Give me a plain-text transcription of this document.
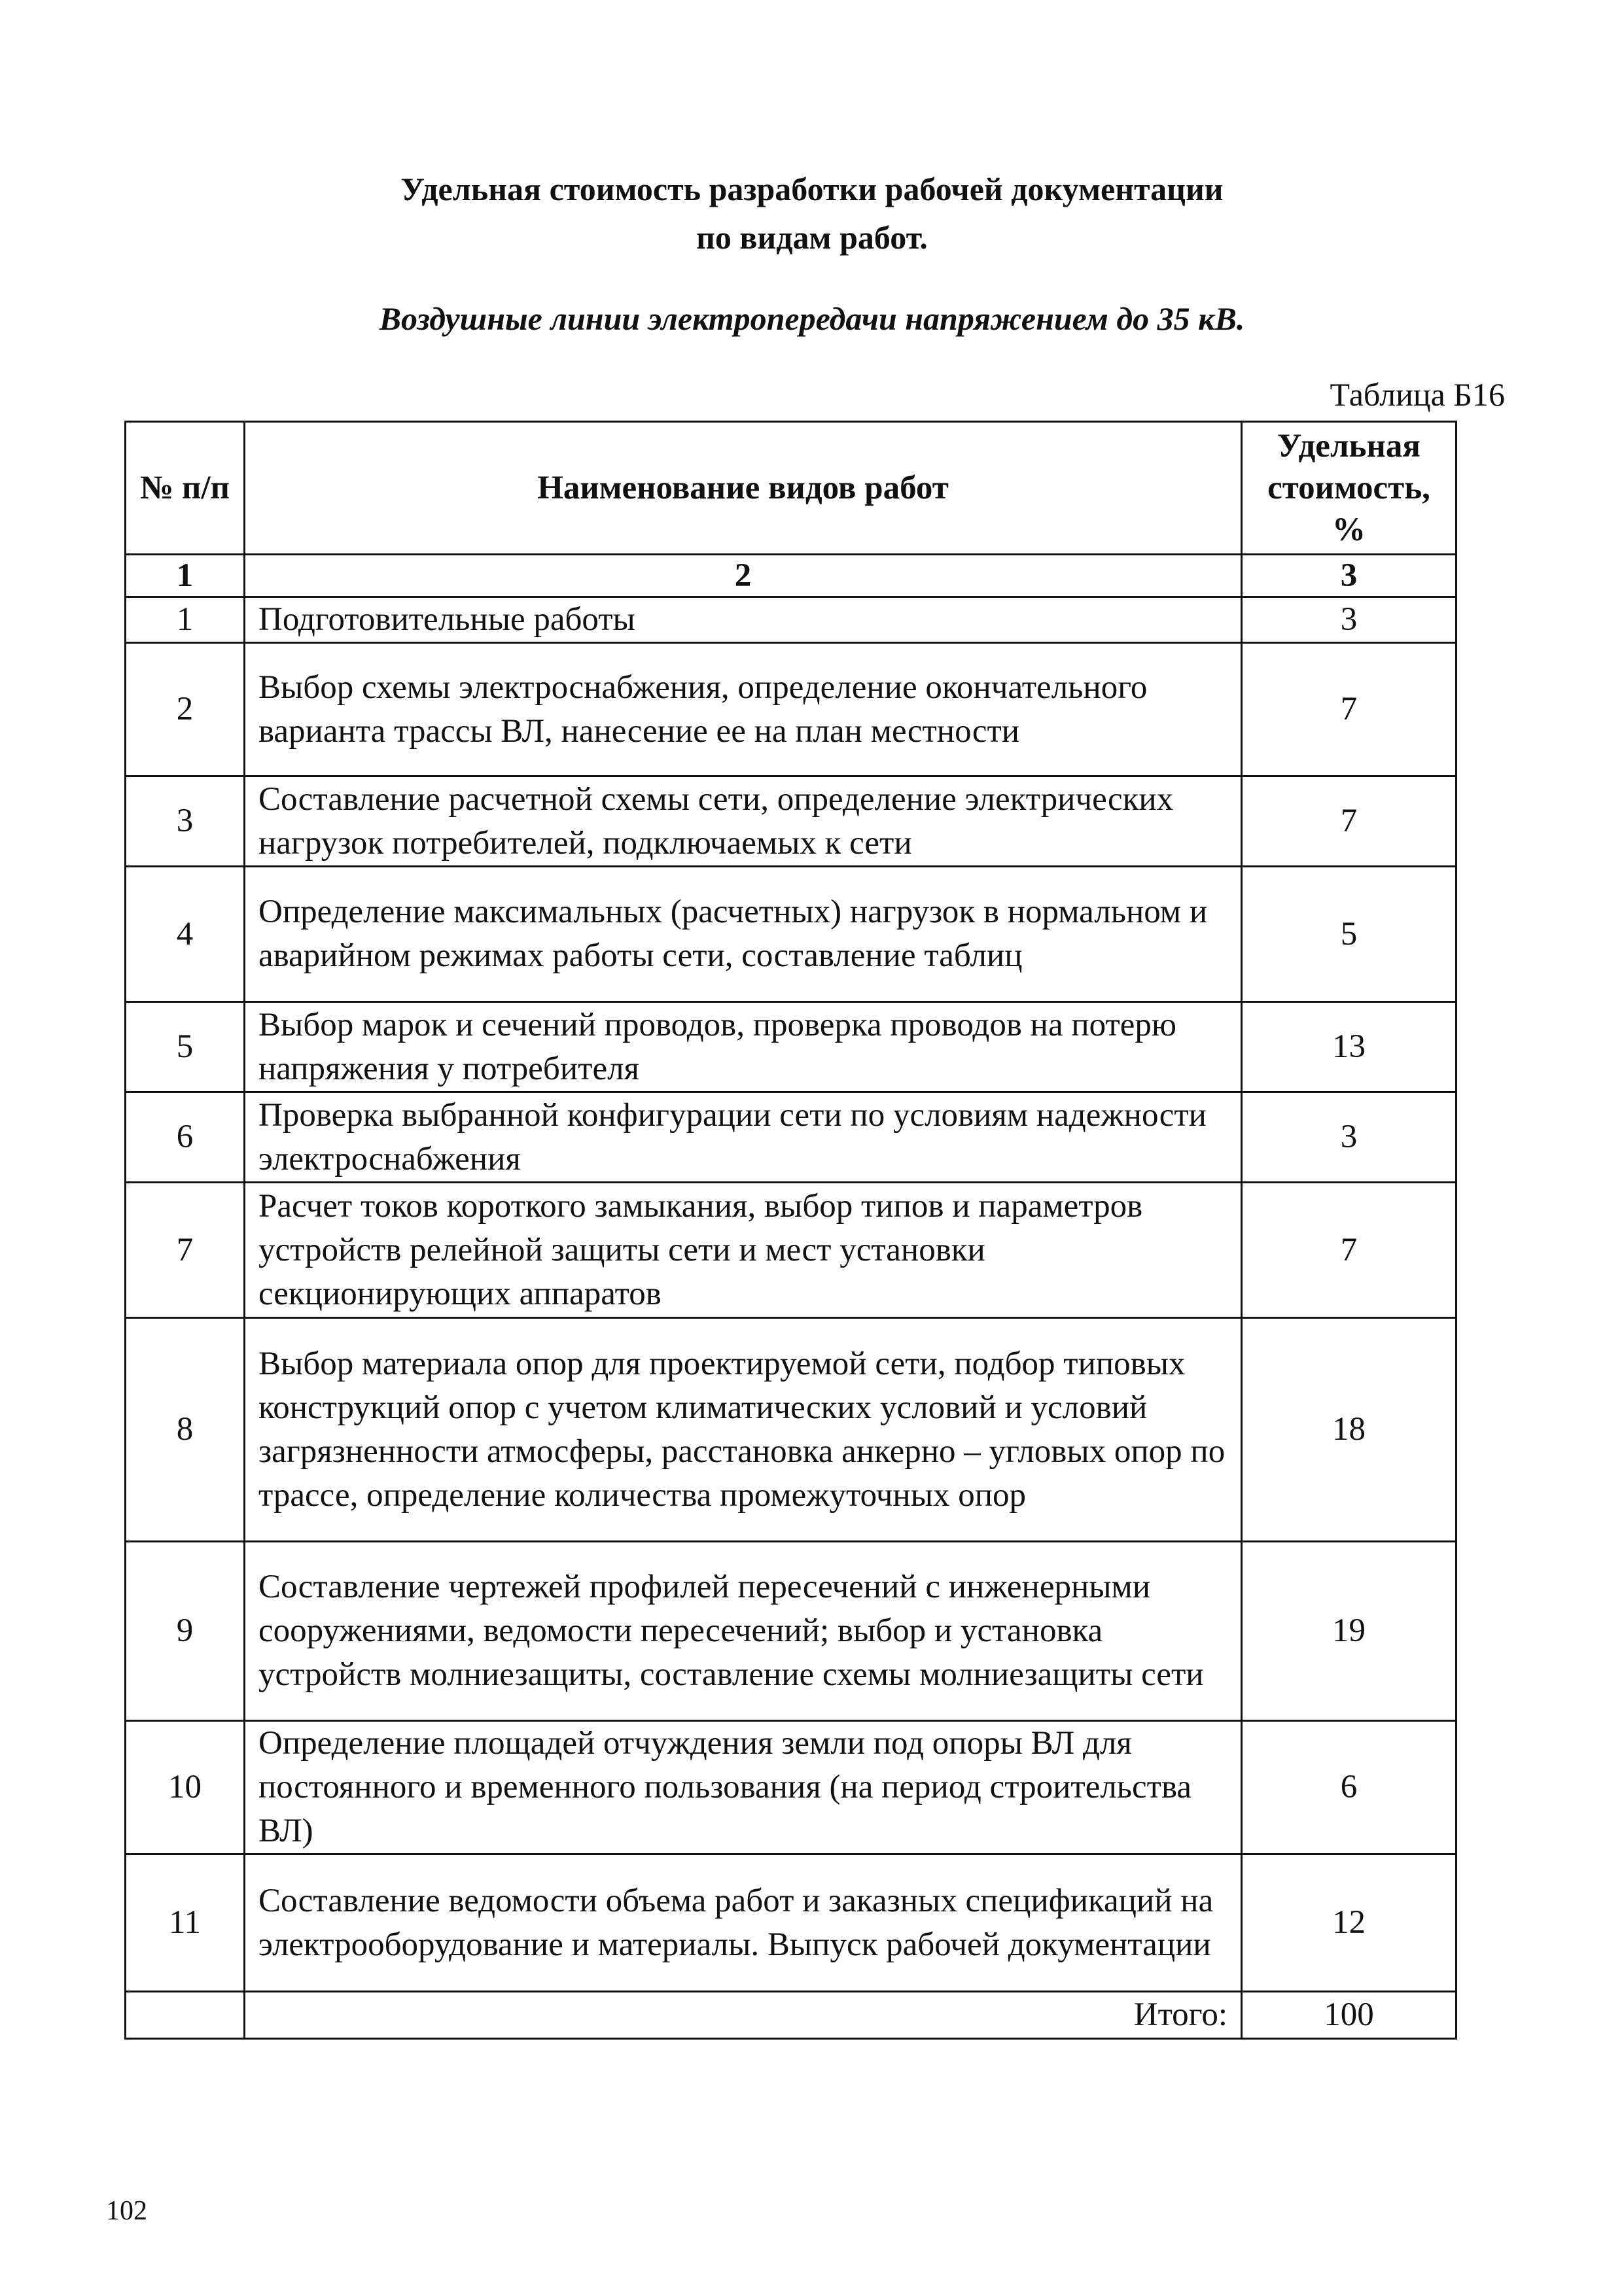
Удельная стоимость разработки рабочей документации
по видам работ.
Воздушные линии электропередачи напряжением до 35 кВ.
Таблица Б16
№ п/п	Наименование видов работ	Удельная стоимость, %
1	2	3
1	Подготовительные работы	3
2	Выбор схемы электроснабжения, определение окончательного варианта трассы ВЛ, нанесение ее на план местности	7
3	Составление расчетной схемы сети, определение электрических нагрузок потребителей, подключаемых к сети	7
4	Определение максимальных (расчетных) нагрузок в нормальном и аварийном режимах работы сети, составление таблиц	5
5	Выбор марок и сечений проводов, проверка проводов на потерю напряжения у потребителя	13
6	Проверка выбранной конфигурации сети по условиям надежности электроснабжения	3
7	Расчет токов короткого замыкания, выбор типов и параметров устройств релейной защиты сети и мест установки секционирующих аппаратов	7
8	Выбор материала опор для проектируемой сети, подбор типовых конструкций опор с учетом климатических условий и условий загрязненности атмосферы, расстановка анкерно – угловых опор по трассе, определение количества промежуточных опор	18
9	Составление чертежей профилей пересечений с инженерными сооружениями, ведомости пересечений; выбор и установка устройств молниезащиты, составление схемы молниезащиты сети	19
10	Определение площадей отчуждения земли под опоры ВЛ для постоянного и временного пользования (на период строительства ВЛ)	6
11	Составление ведомости объема работ и заказных спецификаций на электрооборудование и материалы. Выпуск рабочей документации	12
	Итого:	100
102
